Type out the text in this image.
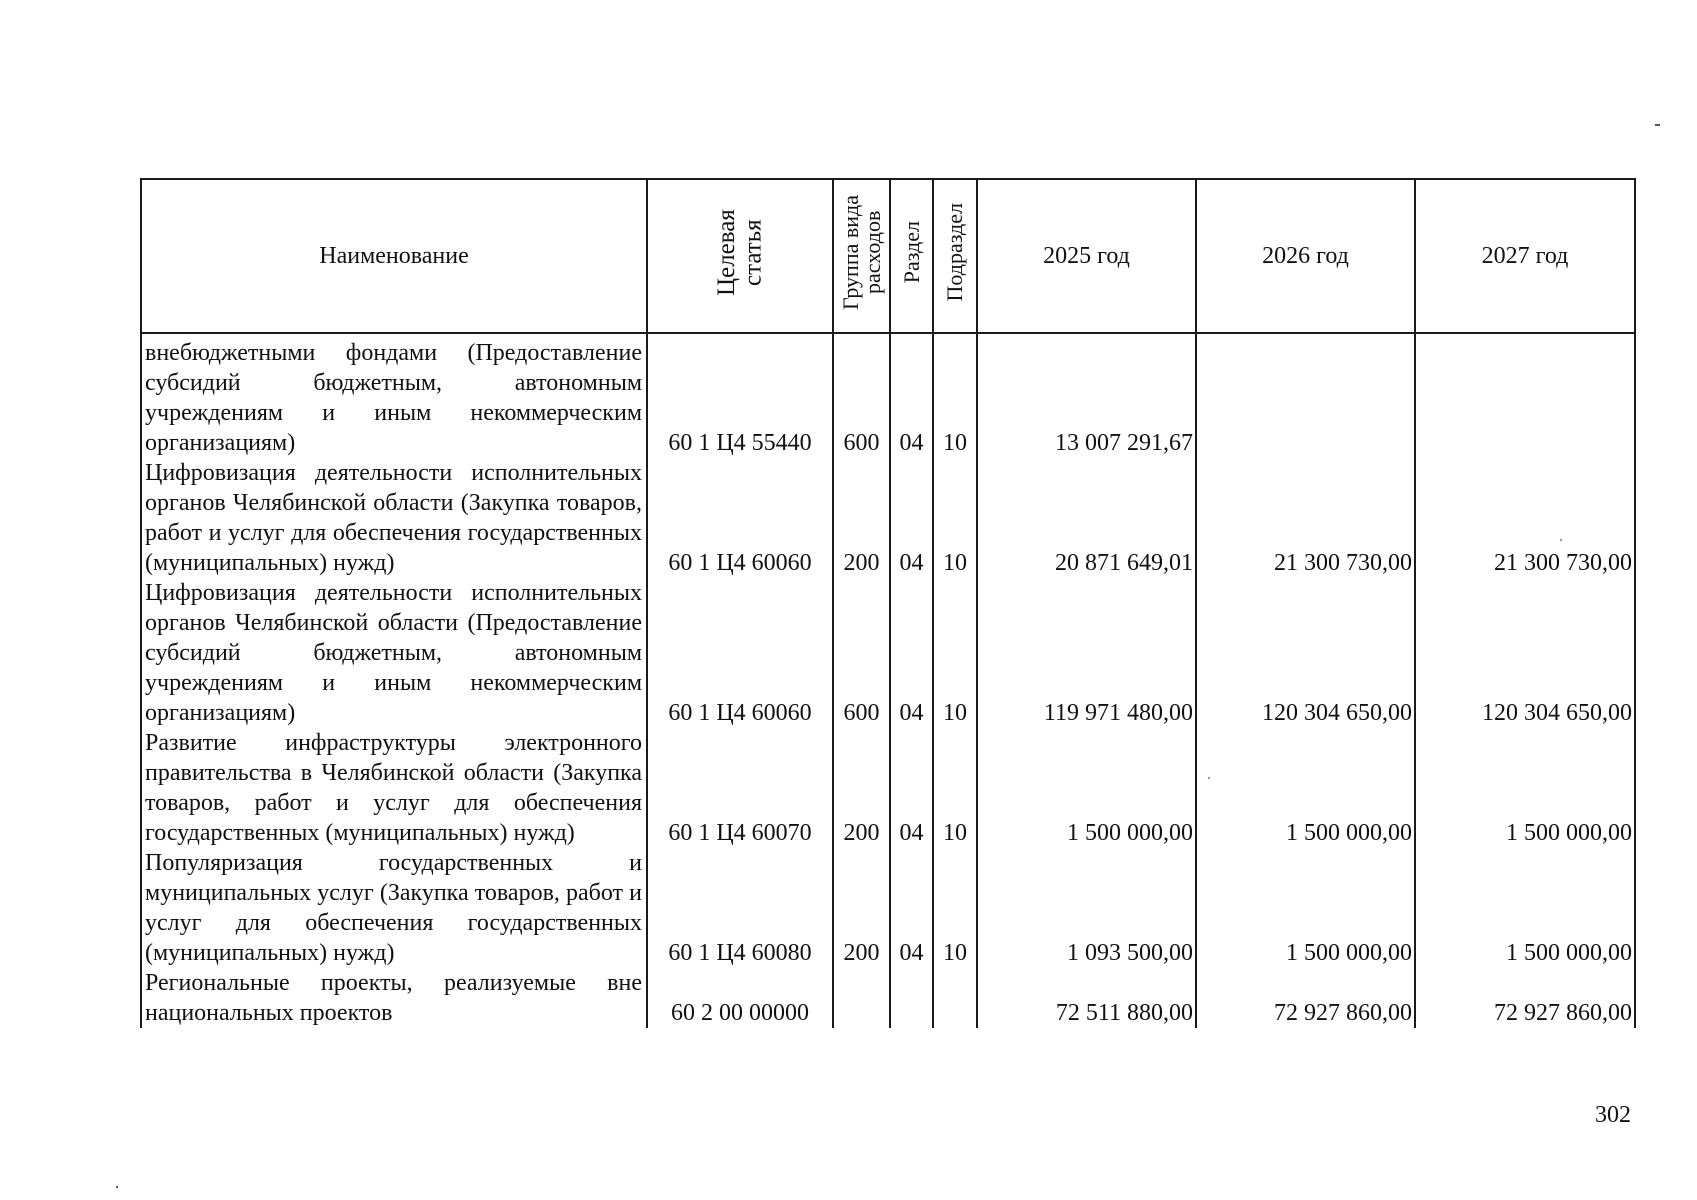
Наименование	Целевая статья	Группа вида расходов	Раздел	Подраздел	2025 год	2026 год	2027 год
внебюджетными фондами (Предоставление субсидий бюджетным, автономным учреждениям и иным некоммерческим организациям)	60 1 Ц4 55440	600	04	10	13 007 291,67		
Цифровизация деятельности исполнительных органов Челябинской области (Закупка товаров, работ и услуг для обеспечения государственных (муниципальных) нужд)	60 1 Ц4 60060	200	04	10	20 871 649,01	21 300 730,00	21 300 730,00
Цифровизация деятельности исполнительных органов Челябинской области (Предоставление субсидий бюджетным, автономным учреждениям и иным некоммерческим организациям)	60 1 Ц4 60060	600	04	10	119 971 480,00	120 304 650,00	120 304 650,00
Развитие инфраструктуры электронного правительства в Челябинской области (Закупка товаров, работ и услуг для обеспечения государственных (муниципальных) нужд)	60 1 Ц4 60070	200	04	10	1 500 000,00	1 500 000,00	1 500 000,00
Популяризация государственных и муниципальных услуг (Закупка товаров, работ и услуг для обеспечения государственных (муниципальных) нужд)	60 1 Ц4 60080	200	04	10	1 093 500,00	1 500 000,00	1 500 000,00
Региональные проекты, реализуемые вне национальных проектов	60 2 00 00000				72 511 880,00	72 927 860,00	72 927 860,00
302
